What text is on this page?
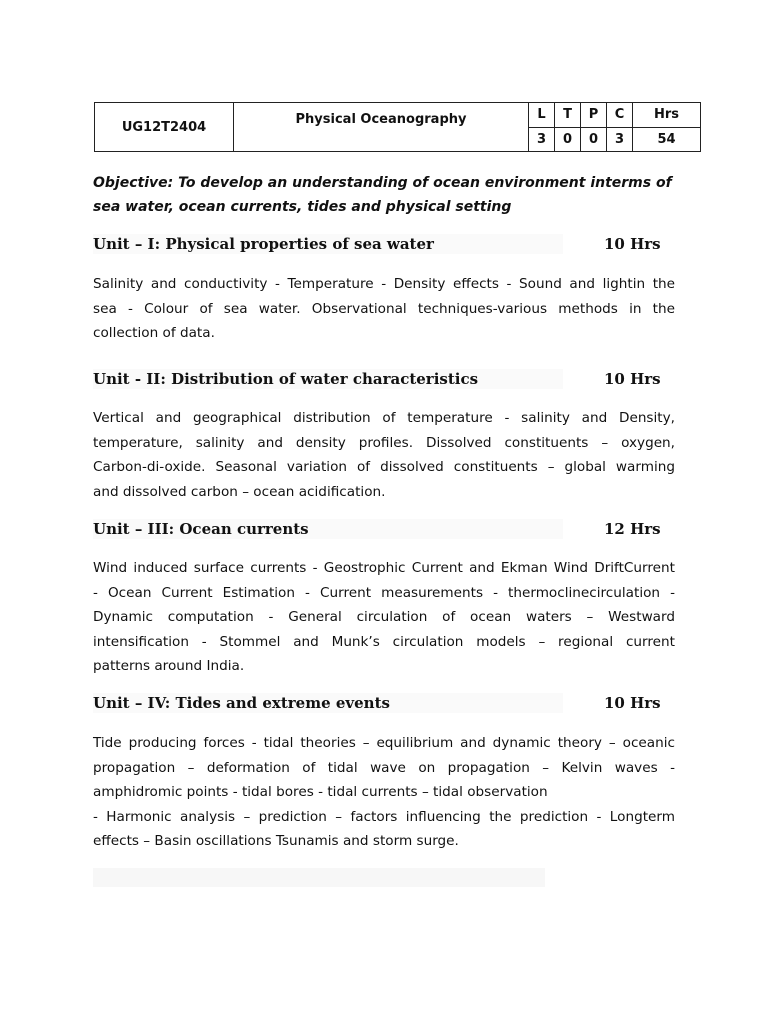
UG12T2404	Physical Oceanography	L	T	P	C	Hrs
		3	0	0	3	54

Objective: To develop an understanding of ocean environment interms of sea water, ocean currents, tides and physical setting

Unit – I: Physical properties of sea water	10 Hrs
Salinity and conductivity - Temperature - Density effects - Sound and lightin the
sea - Colour of sea water. Observational techniques-various methods in the
collection of data.
Unit - II: Distribution of water characteristics	10 Hrs
Vertical and geographical distribution of temperature - salinity and Density,
temperature, salinity and density profiles. Dissolved constituents – oxygen,
Carbon-di-oxide. Seasonal variation of dissolved constituents – global warming
and dissolved carbon – ocean acidification.
Unit – III: Ocean currents	12 Hrs
Wind induced surface currents - Geostrophic Current and Ekman Wind DriftCurrent
- Ocean Current Estimation - Current measurements - thermoclinecirculation -
Dynamic computation - General circulation of ocean waters – Westward
intensification - Stommel and Munk’s circulation models – regional current
patterns around India.
Unit – IV: Tides and extreme events	10 Hrs
Tide producing forces - tidal theories – equilibrium and dynamic theory – oceanic
propagation – deformation of tidal wave on propagation – Kelvin waves -
amphidromic points - tidal bores - tidal currents – tidal observation
- Harmonic analysis – prediction – factors influencing the prediction - Longterm
effects – Basin oscillations Tsunamis and storm surge.
